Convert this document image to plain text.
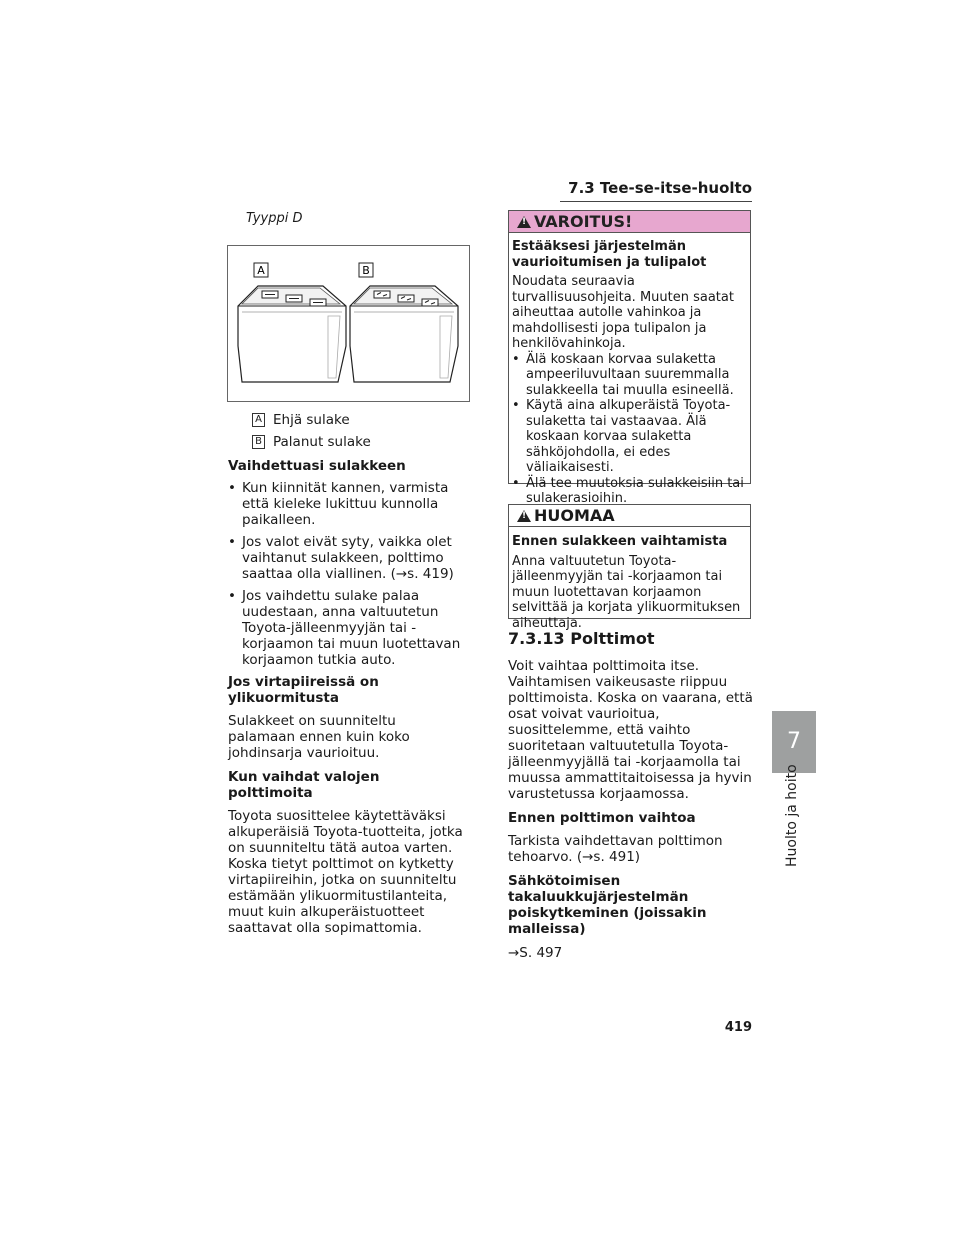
7.3 Tee-se-itse-huolto
Tyyppi D
A	B
A Ehjä sulake
B Palanut sulake
Vaihdettuasi sulakkeen
• Kun kiinnität kannen, varmista että kieleke lukittuu kunnolla paikalleen.
• Jos valot eivät syty, vaikka olet vaihtanut sulakkeen, polttimo saattaa olla viallinen. (→s. 419)
• Jos vaihdettu sulake palaa uudestaan, anna valtuutetun Toyota-jälleenmyyjän tai -korjaamon tai muun luotettavan korjaamon tutkia auto.
Jos virtapiireissä on ylikuormitusta
Sulakkeet on suunniteltu palamaan ennen kuin koko johdinsarja vaurioituu.
Kun vaihdat valojen polttimoita
Toyota suosittelee käytettäväksi alkuperäisiä Toyota-tuotteita, jotka on suunniteltu tätä autoa varten. Koska tietyt polttimot on kytketty virtapiireihin, jotka on suunniteltu estämään ylikuormitustilanteita, muut kuin alkuperäistuotteet saattavat olla sopimattomia.
!
VAROITUS!
Estääksesi järjestelmän vaurioitumisen ja tulipalot
Noudata seuraavia turvallisuusohjeita. Muuten saatat aiheuttaa autolle vahinkoa ja mahdollisesti jopa tulipalon ja henkilövahinkoja.
• Älä koskaan korvaa sulaketta ampeeriluvultaan suuremmalla sulakkeella tai muulla esineellä.
• Käytä aina alkuperäistä Toyota-sulaketta tai vastaavaa. Älä koskaan korvaa sulaketta sähköjohdolla, ei edes väliaikaisesti.
• Älä tee muutoksia sulakkeisiin tai sulakerasioihin.
!
HUOMAA
Ennen sulakkeen vaihtamista
Anna valtuutetun Toyota-jälleenmyyjän tai -korjaamon tai muun luotettavan korjaamon selvittää ja korjata ylikuormituksen aiheuttaja.
7.3.13 Polttimot
Voit vaihtaa polttimoita itse. Vaihtamisen vaikeusaste riippuu polttimoista. Koska on vaarana, että osat voivat vaurioitua, suosittelemme, että vaihto suoritetaan valtuutetulla Toyota-jälleenmyyjällä tai -korjaamolla tai muussa ammattitaitoisessa ja hyvin varustetussa korjaamossa.
Ennen polttimon vaihtoa
Tarkista vaihdettavan polttimon tehoarvo. (→s. 491)
Sähkötoimisen takaluukkujärjestelmän poiskytkeminen (joissakin malleissa)
→S. 497
7
Huolto ja hoito
419
